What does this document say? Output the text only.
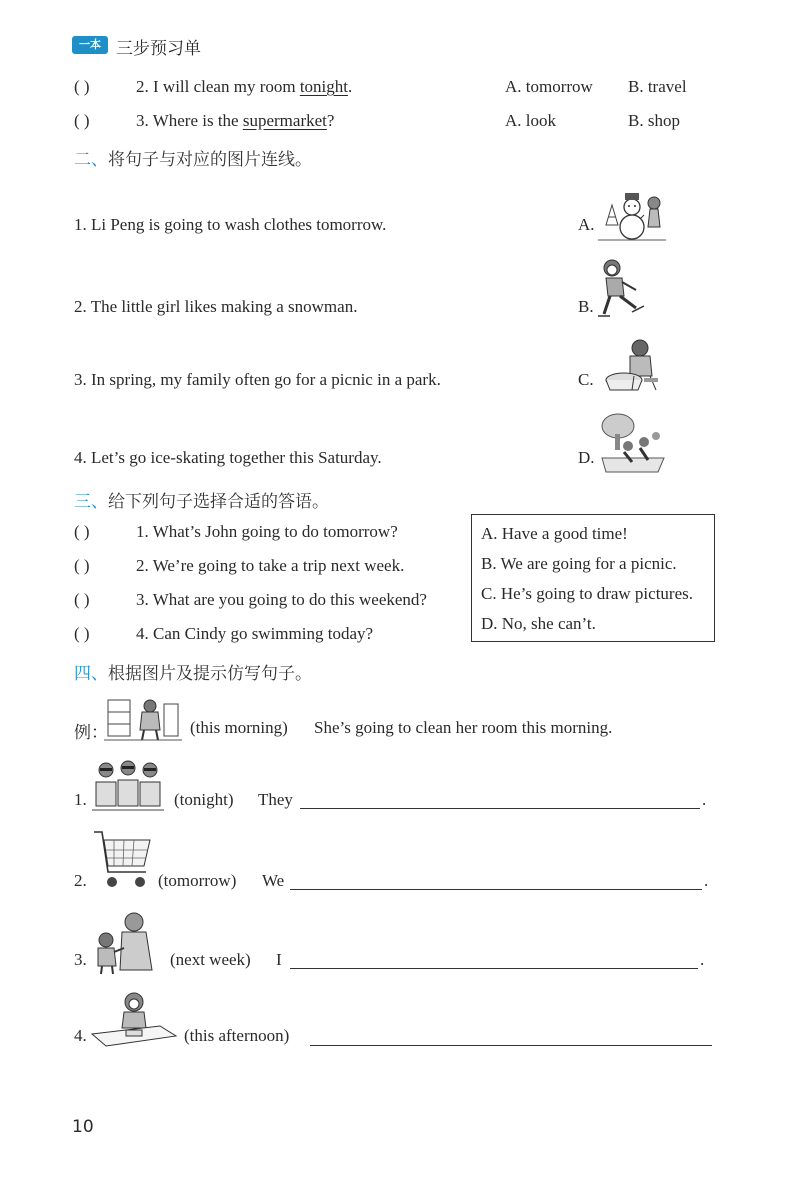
一本 三步预习单
( )	2. I will clean my room tonight.	A. tomorrow B. travel
( )	3. Where is the supermarket?	A. look	B. shop
二、将句子与对应的图片连线。
1. Li Peng is going to wash clothes tomorrow.
2. The little girl likes making a snowman.
3. In spring, my family often go for a picnic in a park.
4. Let’s go ice-skating together this Saturday.
A.
B.
C.
D.
三、给下列句子选择合适的答语。
( )	1. What’s John going to do tomorrow?
( )	2. We’re going to take a trip next week.
( )	3. What are you going to do this weekend?
( )	4. Can Cindy go swimming today?
A. Have a good time!
B. We are going for a picnic.
C. He’s going to draw pictures.
D. No, she can’t.
四、根据图片及提示仿写句子。
例：	(this morning) She’s going to clean her room this morning.
1.	(tonight) They	.
2.	(tomorrow) We	.
3.	(next week) I	.
4.	(this afternoon)
10
